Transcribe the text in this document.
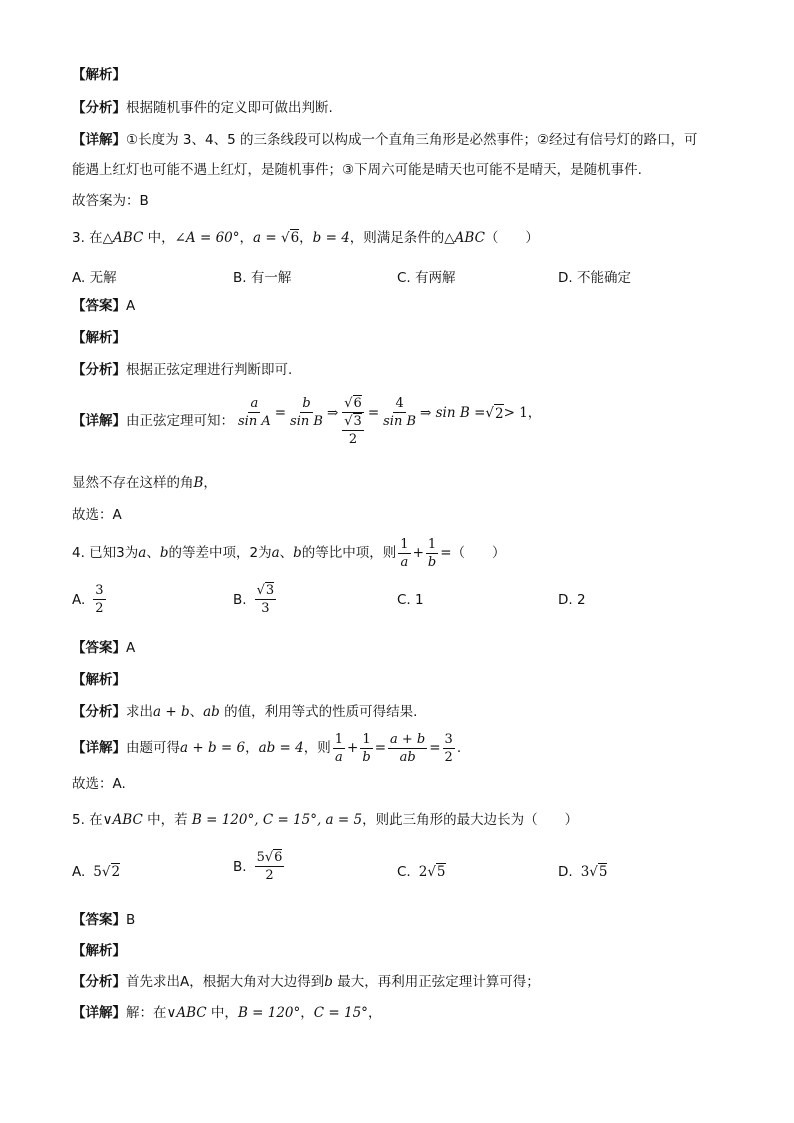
【解析】
【分析】根据随机事件的定义即可做出判断.
【详解】①长度为 3、4、5 的三条线段可以构成一个直角三角形是必然事件；②经过有信号灯的路口，可
能遇上红灯也可能不遇上红灯，是随机事件；③下周六可能是晴天也可能不是晴天，是随机事件.
故答案为：B
3. 在△ABC 中，∠A = 60°，a = √6，b = 4，则满足条件的△ABC（　　）
A. 无解	B. 有一解	C. 有两解	D. 不能确定
【答案】A
【解析】
【分析】根据正弦定理进行判断即可.
【详解】 由正弦定理可知： $\frac{a}{\text{sin A}} = \frac{b}{\text{sin B}}$ ⇒ $\frac{√6}{\frac{√3}{2}} = \frac{4}{\text{sin B}}$ ⇒ sin B = √ 2 > 1 ，
显然不存在这样的角B，
故选：A
4. 已知3为 a 、 b 的等差中项，2为 a 、 b 的等比中项，则 $\frac{1}{a} + \frac{1}{b}$ = （　　）
A. $\frac{3}{2}$	B. $\frac{√3}{3}$	C. 1	D. 2
【答案】A
【解析】
【分析】求出a + b、ab 的值，利用等式的性质可得结果.
【详解】 由题可得 a + b = 6 ， ab = 4 ，则 $\frac{1}{a} + \frac{1}{b} = \frac{a + b}{ab} = \frac{3}{2}$ .
故选：A.
5. 在∨ABC 中，若 B = 120°, C = 15°, a = 5，则此三角形的最大边长为（　　）
A. 5√2	B. $\frac{5√6}{2}$	C. 2√5	D. 3√5
【答案】B
【解析】
【分析】首先求出A，根据大角对大边得到b 最大，再利用正弦定理计算可得；
【详解】解：在∨ABC 中，B = 120°，C = 15°，
